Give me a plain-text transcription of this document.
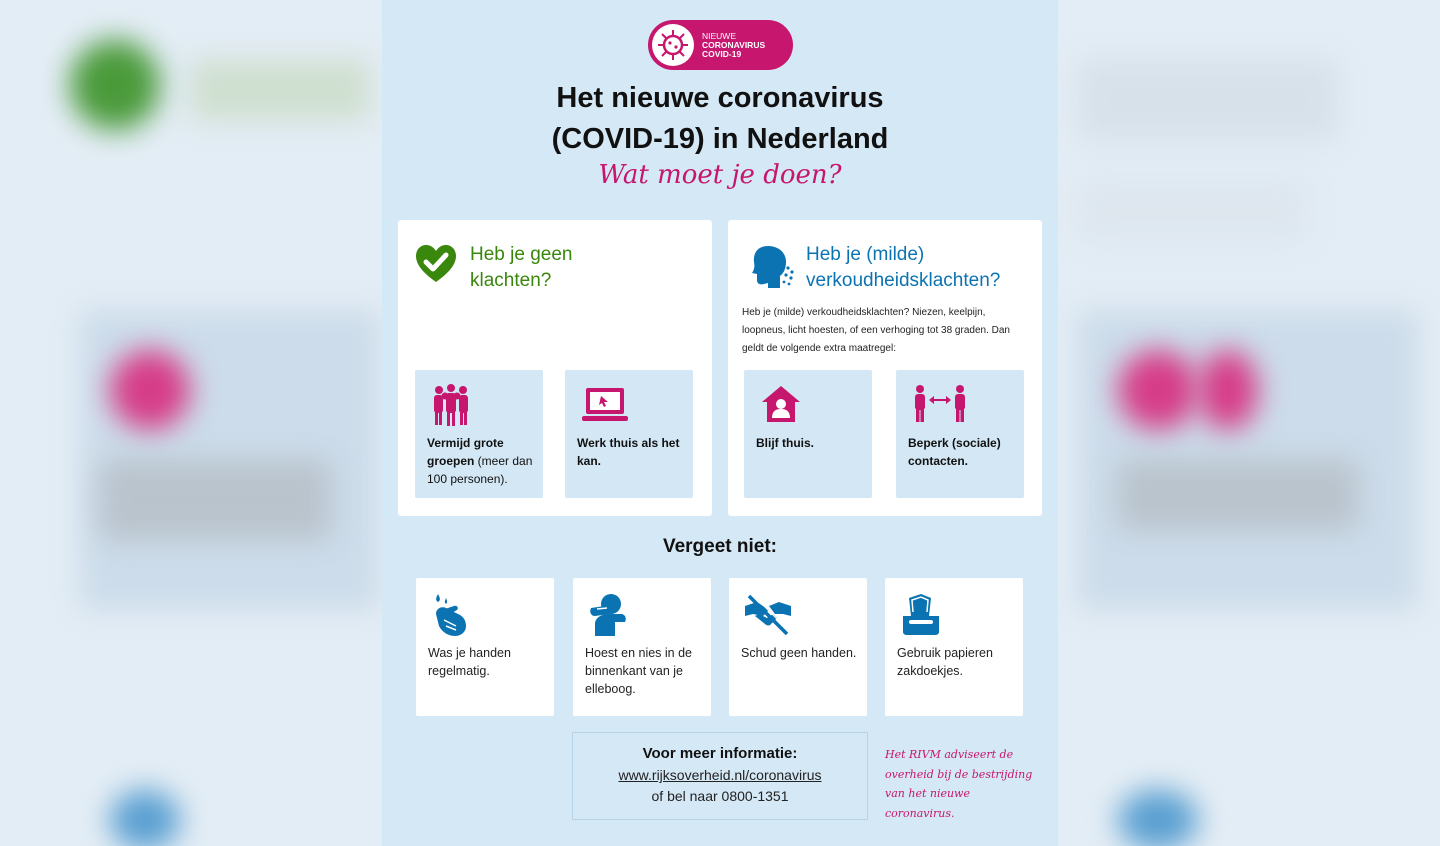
NIEUWE
CORONAVIRUS
COVID-19
Het nieuwe coronavirus
(COVID-19) in Nederland
Wat moet je doen?
Heb je geen
klachten?
Vermijd grote groepen (meer dan 100 personen).
Werk thuis als het kan.
Heb je (milde)
verkoudheidsklachten?
Heb je (milde) verkoudheidsklachten? Niezen, keelpijn, loopneus, licht hoesten, of een verhoging tot 38 graden. Dan geldt de volgende extra maatregel:
Blijf thuis.	Beperk (sociale) contacten.
Vergeet niet:
Was je handen regelmatig.
Hoest en nies in de binnenkant van je elleboog.
Schud geen handen.	Gebruik papieren zakdoekjes.
Voor meer informatie:
www.rijksoverheid.nl/coronavirus
of bel naar 0800-1351
Het RIVM adviseert de overheid bij de bestrijding van het nieuwe coronavirus.
